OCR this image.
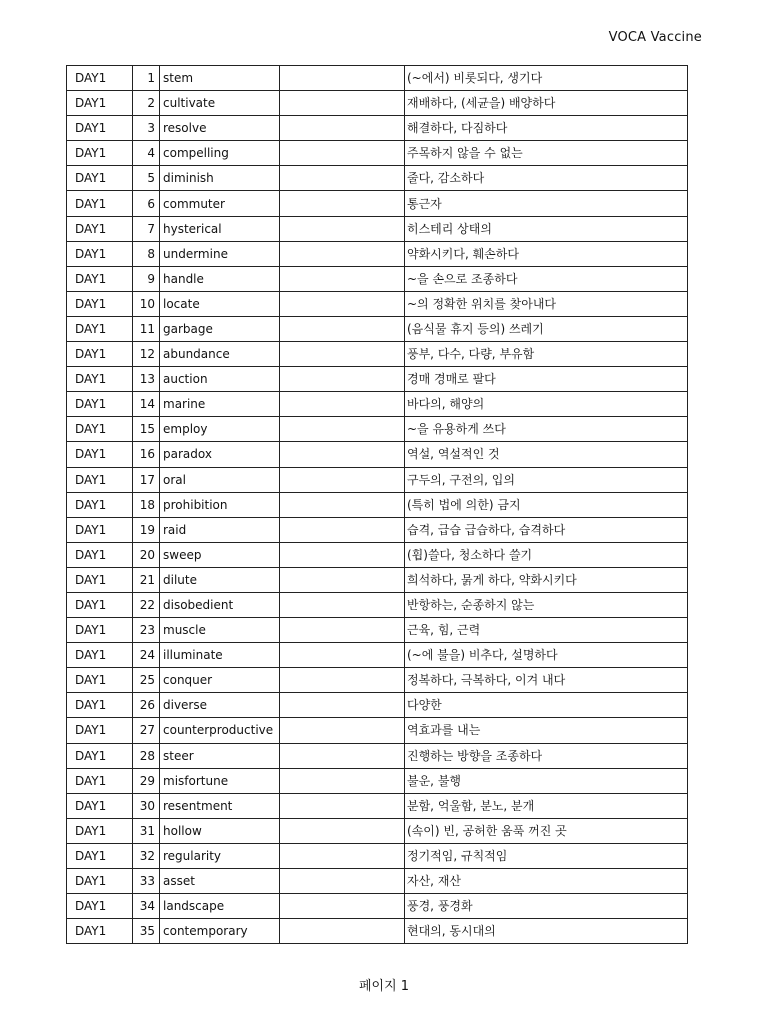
VOCA Vaccine
DAY1	1	stem		(~에서) 비롯되다, 생기다
DAY1	2	cultivate		재배하다, (세균을) 배양하다
DAY1	3	resolve		해결하다, 다짐하다
DAY1	4	compelling		주목하지 않을 수 없는
DAY1	5	diminish		줄다, 감소하다
DAY1	6	commuter		통근자
DAY1	7	hysterical		히스테리 상태의
DAY1	8	undermine		약화시키다, 훼손하다
DAY1	9	handle		~을 손으로 조종하다
DAY1	10	locate		~의 정확한 위치를 찾아내다
DAY1	11	garbage		(음식물 휴지 등의) 쓰레기
DAY1	12	abundance		풍부, 다수, 다량, 부유함
DAY1	13	auction		경매 경매로 팔다
DAY1	14	marine		바다의, 해양의
DAY1	15	employ		~을 유용하게 쓰다
DAY1	16	paradox		역설, 역설적인 것
DAY1	17	oral		구두의, 구전의, 입의
DAY1	18	prohibition		(특히 법에 의한) 금지
DAY1	19	raid		습격, 급습 급습하다, 습격하다
DAY1	20	sweep		(휩)쓸다, 청소하다 쓸기
DAY1	21	dilute		희석하다, 묽게 하다, 약화시키다
DAY1	22	disobedient		반항하는, 순종하지 않는
DAY1	23	muscle		근육, 힘, 근력
DAY1	24	illuminate		(~에 불을) 비추다, 설명하다
DAY1	25	conquer		정복하다, 극복하다, 이겨 내다
DAY1	26	diverse		다양한
DAY1	27	counterproductive		역효과를 내는
DAY1	28	steer		진행하는 방향을 조종하다
DAY1	29	misfortune		불운, 불행
DAY1	30	resentment		분함, 억울함, 분노, 분개
DAY1	31	hollow		(속이) 빈, 공허한 움푹 꺼진 곳
DAY1	32	regularity		정기적임, 규칙적임
DAY1	33	asset		자산, 재산
DAY1	34	landscape		풍경, 풍경화
DAY1	35	contemporary		현대의, 동시대의
페이지 1
